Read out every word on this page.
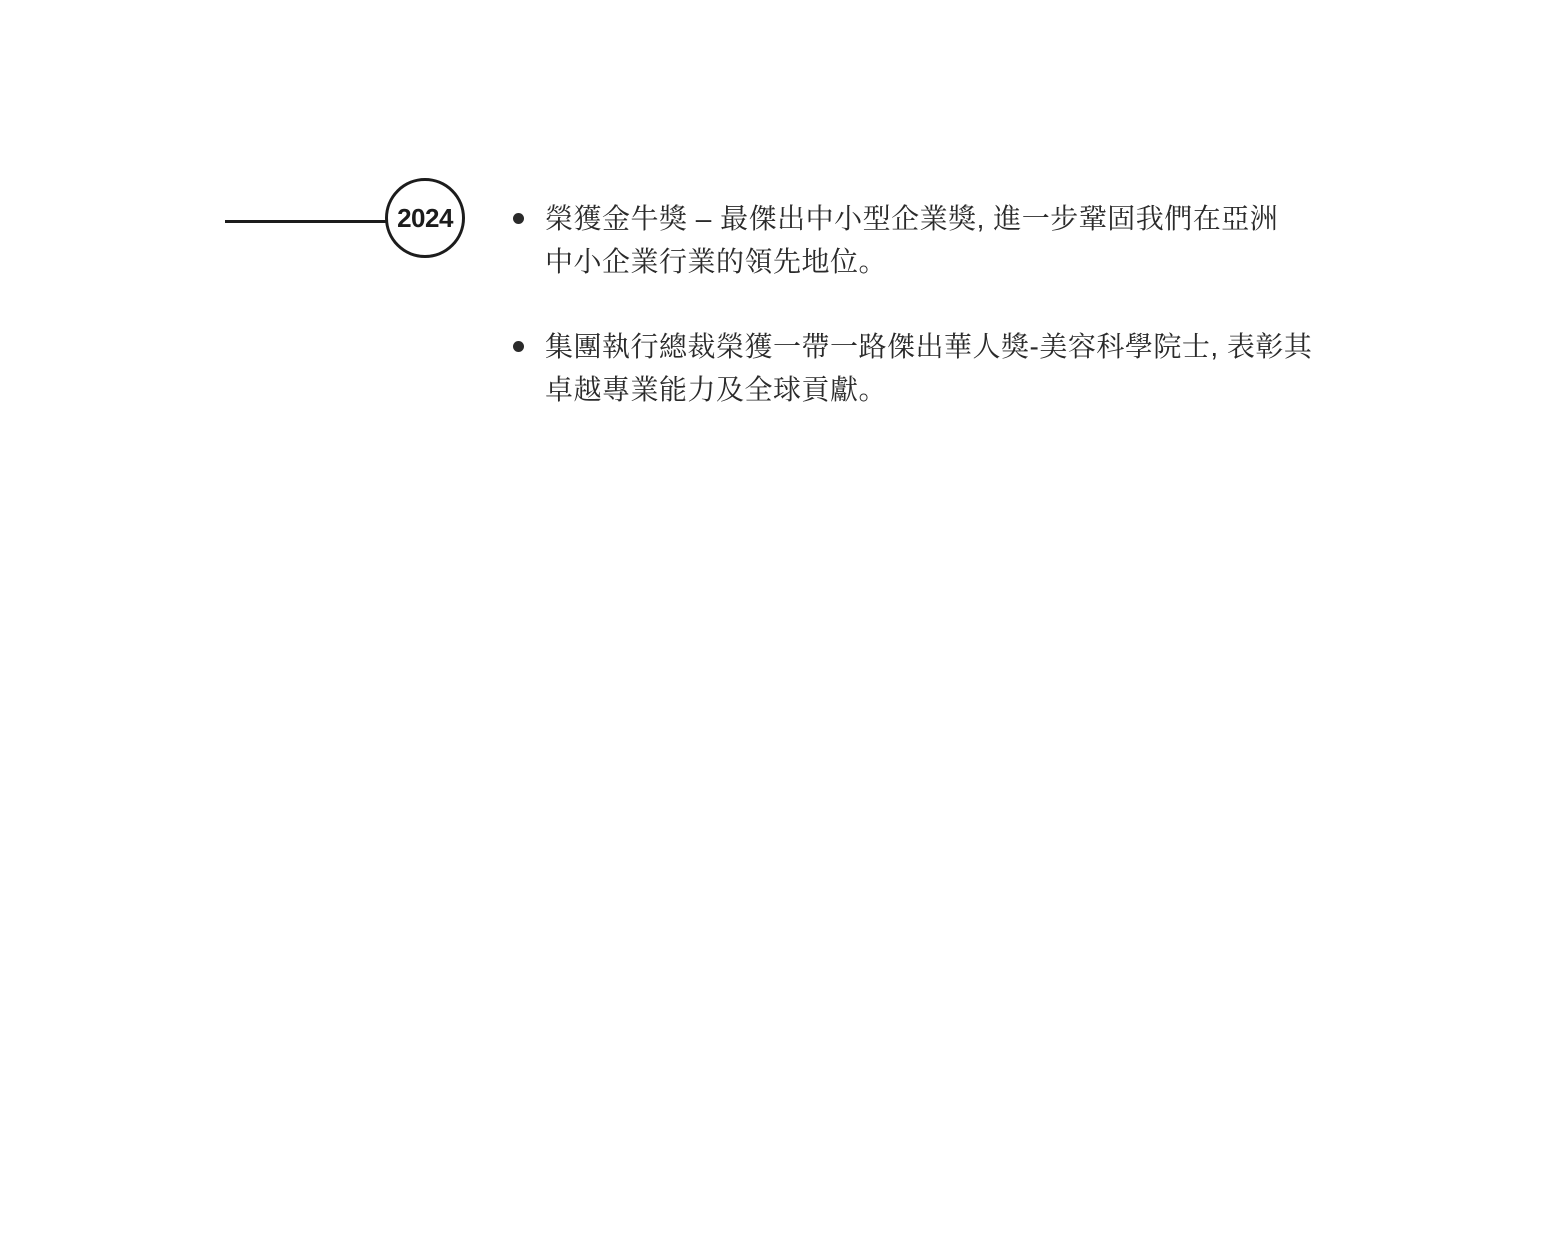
2024	榮獲金牛獎 – 最傑出中小型企業獎, 進一步鞏固我們在亞洲
中小企業行業的領先地位。
集團執行總裁榮獲一帶一路傑出華人獎-美容科學院士, 表彰其
卓越專業能力及全球貢獻。
